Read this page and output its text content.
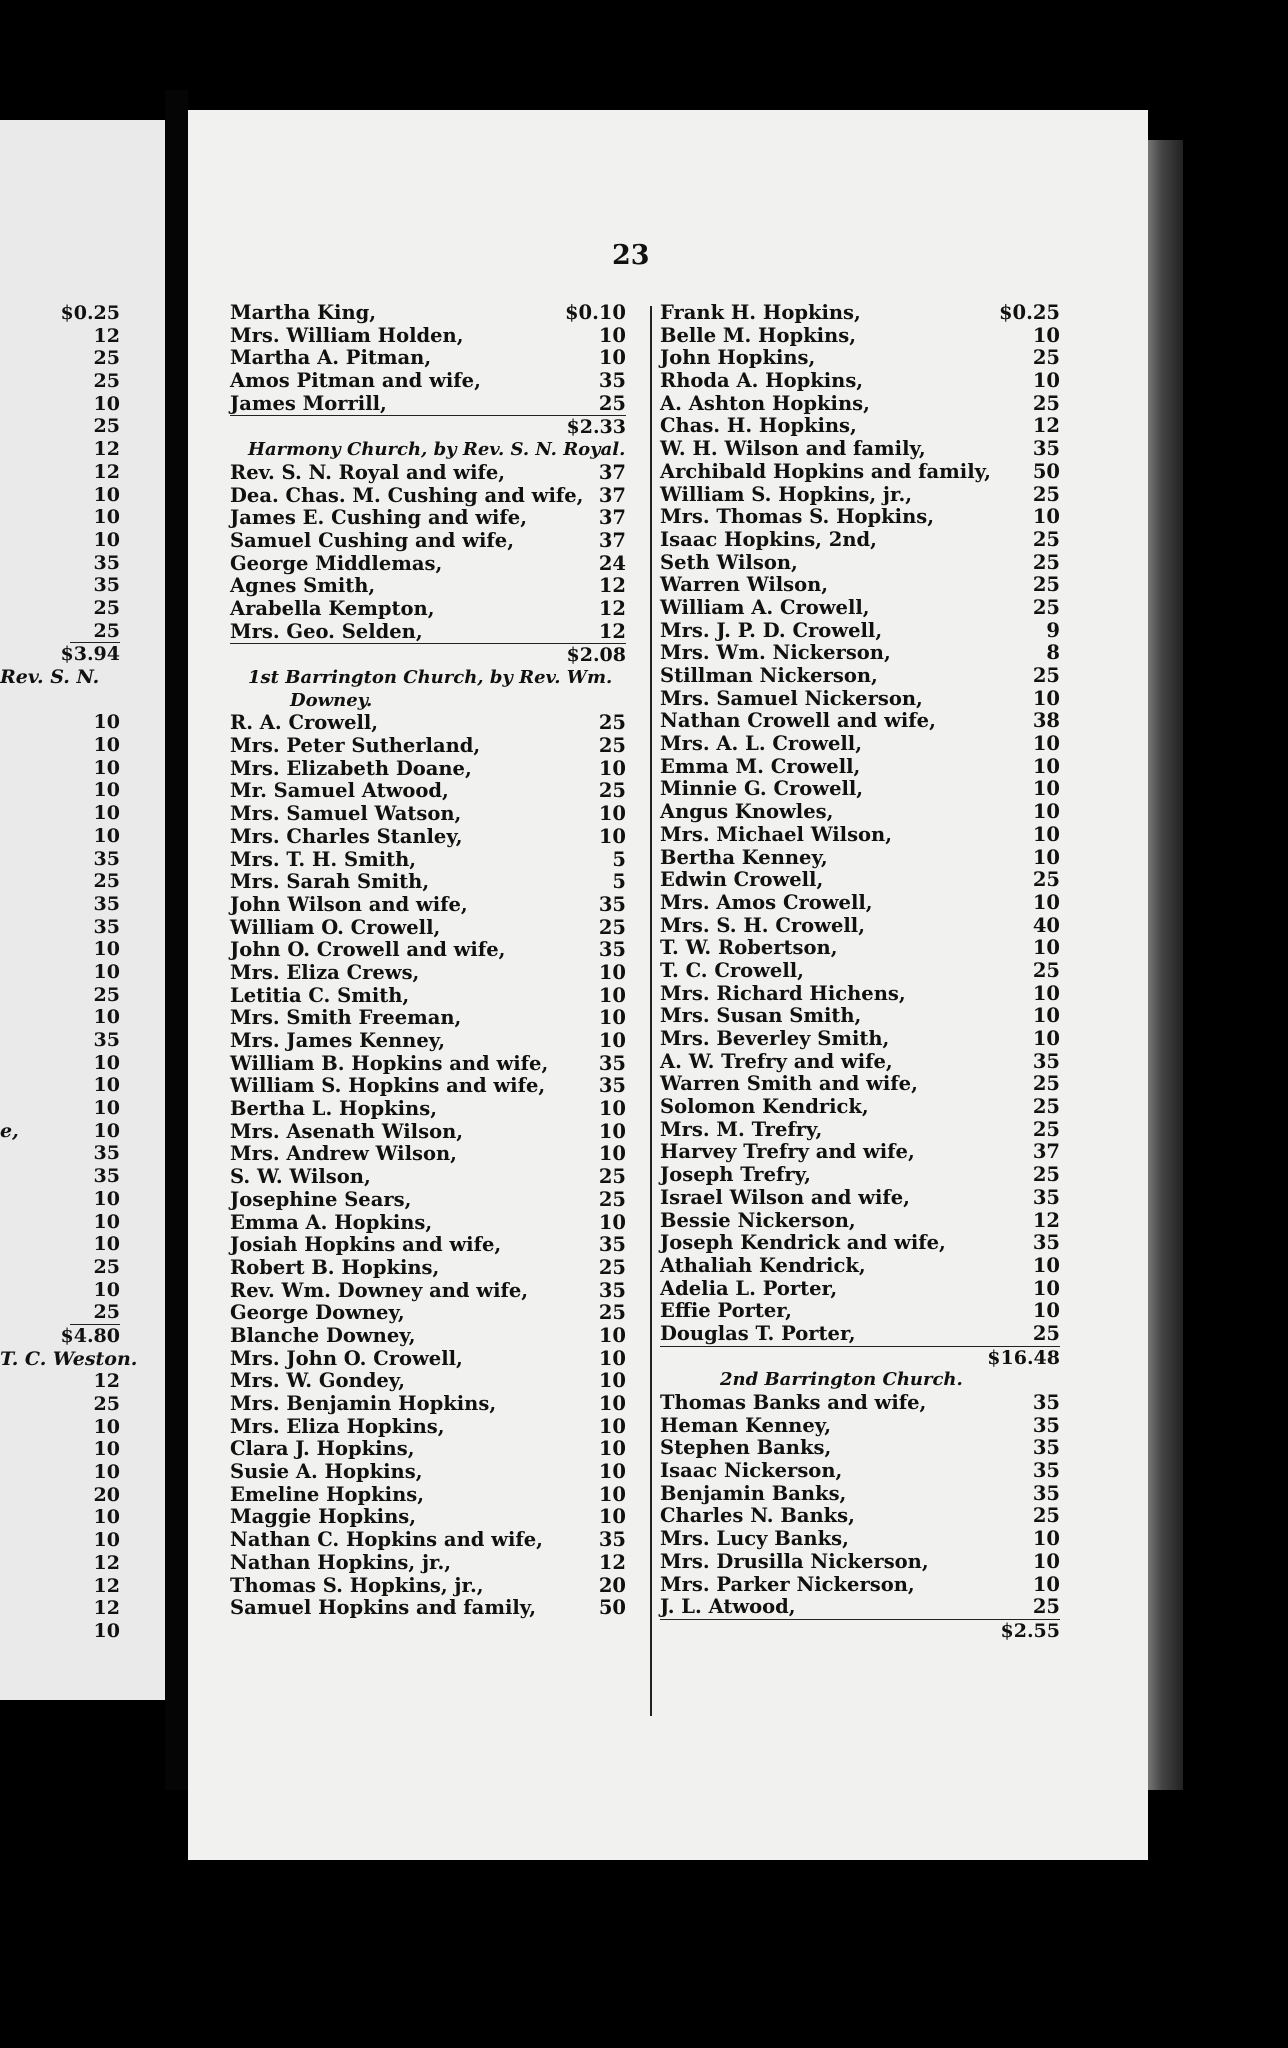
$0.25
12
25
25
10
25
12
12
10
10
10
35
35
25
25
$3.94
Rev. S. N.
10
10
10
10
10
10
35
25
35
35
10
10
25
10
35
10
10
10
e,	10
35
35
10
10
10
25
10
25
$4.80
T. C. Weston.
12
25
10
10
10
20
10
10
12
12
12
10
23
Martha King,	$0.10
Mrs. William Holden,	10
Martha A. Pitman,	10
Amos Pitman and wife,	35
James Morrill,	25
$2.33
Harmony Church, by Rev. S. N. Royal.
Rev. S. N. Royal and wife,	37
Dea. Chas. M. Cushing and wife, 37
James E. Cushing and wife,	37
Samuel Cushing and wife,	37
George Middlemas,	24
Agnes Smith,	12
Arabella Kempton,	12
Mrs. Geo. Selden,	12
$2.08
1st Barrington Church, by Rev. Wm.
Downey.
R. A. Crowell,	25
Mrs. Peter Sutherland,	25
Mrs. Elizabeth Doane,	10
Mr. Samuel Atwood,	25
Mrs. Samuel Watson,	10
Mrs. Charles Stanley,	10
Mrs. T. H. Smith,	5
Mrs. Sarah Smith,	5
John Wilson and wife,	35
William O. Crowell,	25
John O. Crowell and wife,	35
Mrs. Eliza Crews,	10
Letitia C. Smith,	10
Mrs. Smith Freeman,	10
Mrs. James Kenney,	10
William B. Hopkins and wife,	35
William S. Hopkins and wife,	35
Bertha L. Hopkins,	10
Mrs. Asenath Wilson,	10
Mrs. Andrew Wilson,	10
S. W. Wilson,	25
Josephine Sears,	25
Emma A. Hopkins,	10
Josiah Hopkins and wife,	35
Robert B. Hopkins,	25
Rev. Wm. Downey and wife,	35
George Downey,	25
Blanche Downey,	10
Mrs. John O. Crowell,	10
Mrs. W. Gondey,	10
Mrs. Benjamin Hopkins,	10
Mrs. Eliza Hopkins,	10
Clara J. Hopkins,	10
Susie A. Hopkins,	10
Emeline Hopkins,	10
Maggie Hopkins,	10
Nathan C. Hopkins and wife,	35
Nathan Hopkins, jr.,	12
Thomas S. Hopkins, jr.,	20
Samuel Hopkins and family,	50
Frank H. Hopkins,	$0.25
Belle M. Hopkins,	10
John Hopkins,	25
Rhoda A. Hopkins,	10
A. Ashton Hopkins,	25
Chas. H. Hopkins,	12
W. H. Wilson and family,	35
Archibald Hopkins and family, 50
William S. Hopkins, jr.,	25
Mrs. Thomas S. Hopkins,	10
Isaac Hopkins, 2nd,	25
Seth Wilson,	25
Warren Wilson,	25
William A. Crowell,	25
Mrs. J. P. D. Crowell,	9
Mrs. Wm. Nickerson,	8
Stillman Nickerson,	25
Mrs. Samuel Nickerson,	10
Nathan Crowell and wife,	38
Mrs. A. L. Crowell,	10
Emma M. Crowell,	10
Minnie G. Crowell,	10
Angus Knowles,	10
Mrs. Michael Wilson,	10
Bertha Kenney,	10
Edwin Crowell,	25
Mrs. Amos Crowell,	10
Mrs. S. H. Crowell,	40
T. W. Robertson,	10
T. C. Crowell,	25
Mrs. Richard Hichens,	10
Mrs. Susan Smith,	10
Mrs. Beverley Smith,	10
A. W. Trefry and wife,	35
Warren Smith and wife,	25
Solomon Kendrick,	25
Mrs. M. Trefry,	25
Harvey Trefry and wife,	37
Joseph Trefry,	25
Israel Wilson and wife,	35
Bessie Nickerson,	12
Joseph Kendrick and wife,	35
Athaliah Kendrick,	10
Adelia L. Porter,	10
Effie Porter,	10
Douglas T. Porter,	25
$16.48
2nd Barrington Church.
Thomas Banks and wife,	35
Heman Kenney,	35
Stephen Banks,	35
Isaac Nickerson,	35
Benjamin Banks,	35
Charles N. Banks,	25
Mrs. Lucy Banks,	10
Mrs. Drusilla Nickerson,	10
Mrs. Parker Nickerson,	10
J. L. Atwood,	25
$2.55
